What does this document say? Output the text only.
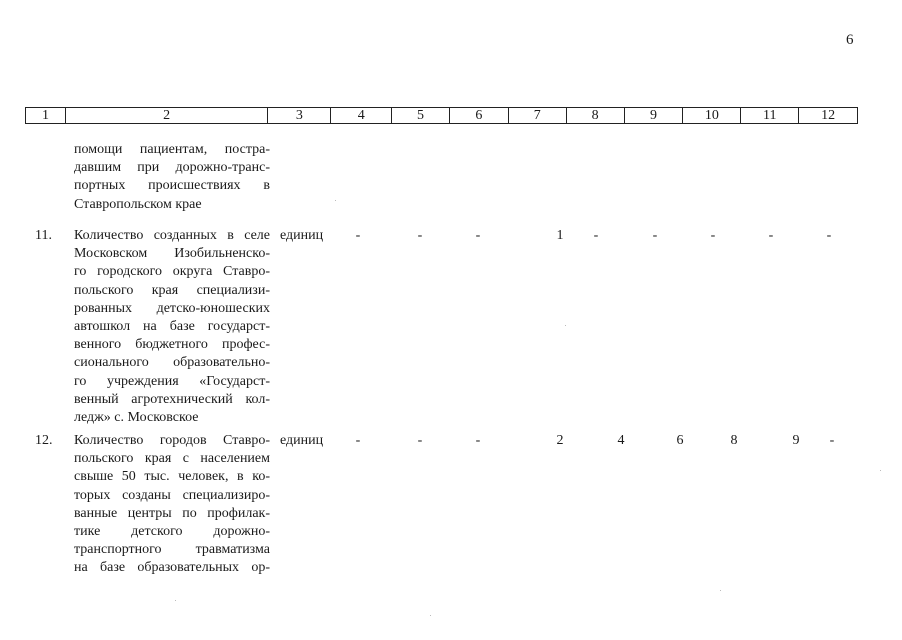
6
1	2	3	4	5	6	7	8	9	10	11	12
помощи пациентам, постра-
давшим при дорожно-транс-
портных происшествиях в
Ставропольском крае
11. Количество созданных в селе
Московском Изобильненско-
го городского округа Ставро-
польского края специализи-
рованных детско-юношеских
автошкол на базе государст-
венного бюджетного профес-
сионального образовательно-
го учреждения «Государст-
венный агротехнический кол-
ледж» с. Московское
единиц	-	-	-	1	-	-	-	-	-
12. Количество городов Ставро-
польского края с населением
свыше 50 тыс. человек, в ко-
торых созданы специализиро-
ванные центры по профилак-
тике детского дорожно-
транспортного травматизма
на базе образовательных ор-
единиц	-	-	-	2	4	6	8	9	-
